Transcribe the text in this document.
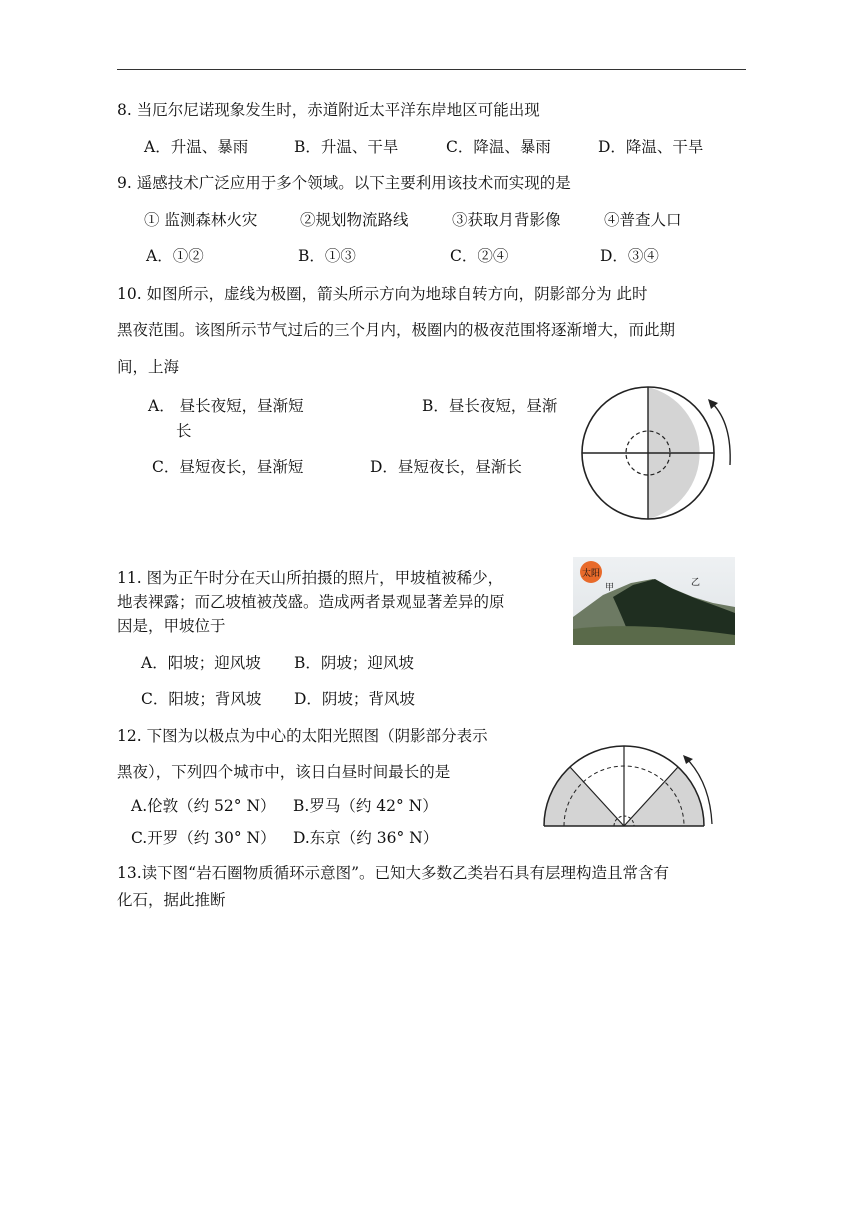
8. 当厄尔尼诺现象发生时，赤道附近太平洋东岸地区可能出现
A．升温、暴雨	B．升温、干旱	C．降温、暴雨	D．降温、干旱
9. 遥感技术广泛应用于多个领域。以下主要利用该技术而实现的是
① 监测森林火灾	②规划物流路线	③获取月背影像	④普查人口
A．①②	B．①③	C．②④	D．③④
10. 如图所示，虚线为极圈，箭头所示方向为地球自转方向，阴影部分为 此时
黑夜范围。该图所示节气过后的三个月内，极圈内的极夜范围将逐渐增大，而此期
间，上海
A． 昼长夜短，昼渐短	B．昼长夜短，昼渐
长
C．昼短夜长，昼渐短	D．昼短夜长，昼渐长
11. 图为正午时分在天山所拍摄的照片，甲坡植被稀少，
地表裸露；而乙坡植被茂盛。造成两者景观显著差异的原
因是，甲坡位于
A．阳坡；迎风坡 B．阴坡；迎风坡
C．阳坡；背风坡 D．阴坡；背风坡
太阳
甲	乙
12. 下图为以极点为中心的太阳光照图（阴影部分表示
黑夜），下列四个城市中，该日白昼时间最长的是
A.伦敦（约 52° N） B.罗马（约 42° N）
C.开罗（约 30° N） D.东京（约 36° N）
13.读下图“岩石圈物质循环示意图”。已知大多数乙类岩石具有层理构造且常含有
化石，据此推断
